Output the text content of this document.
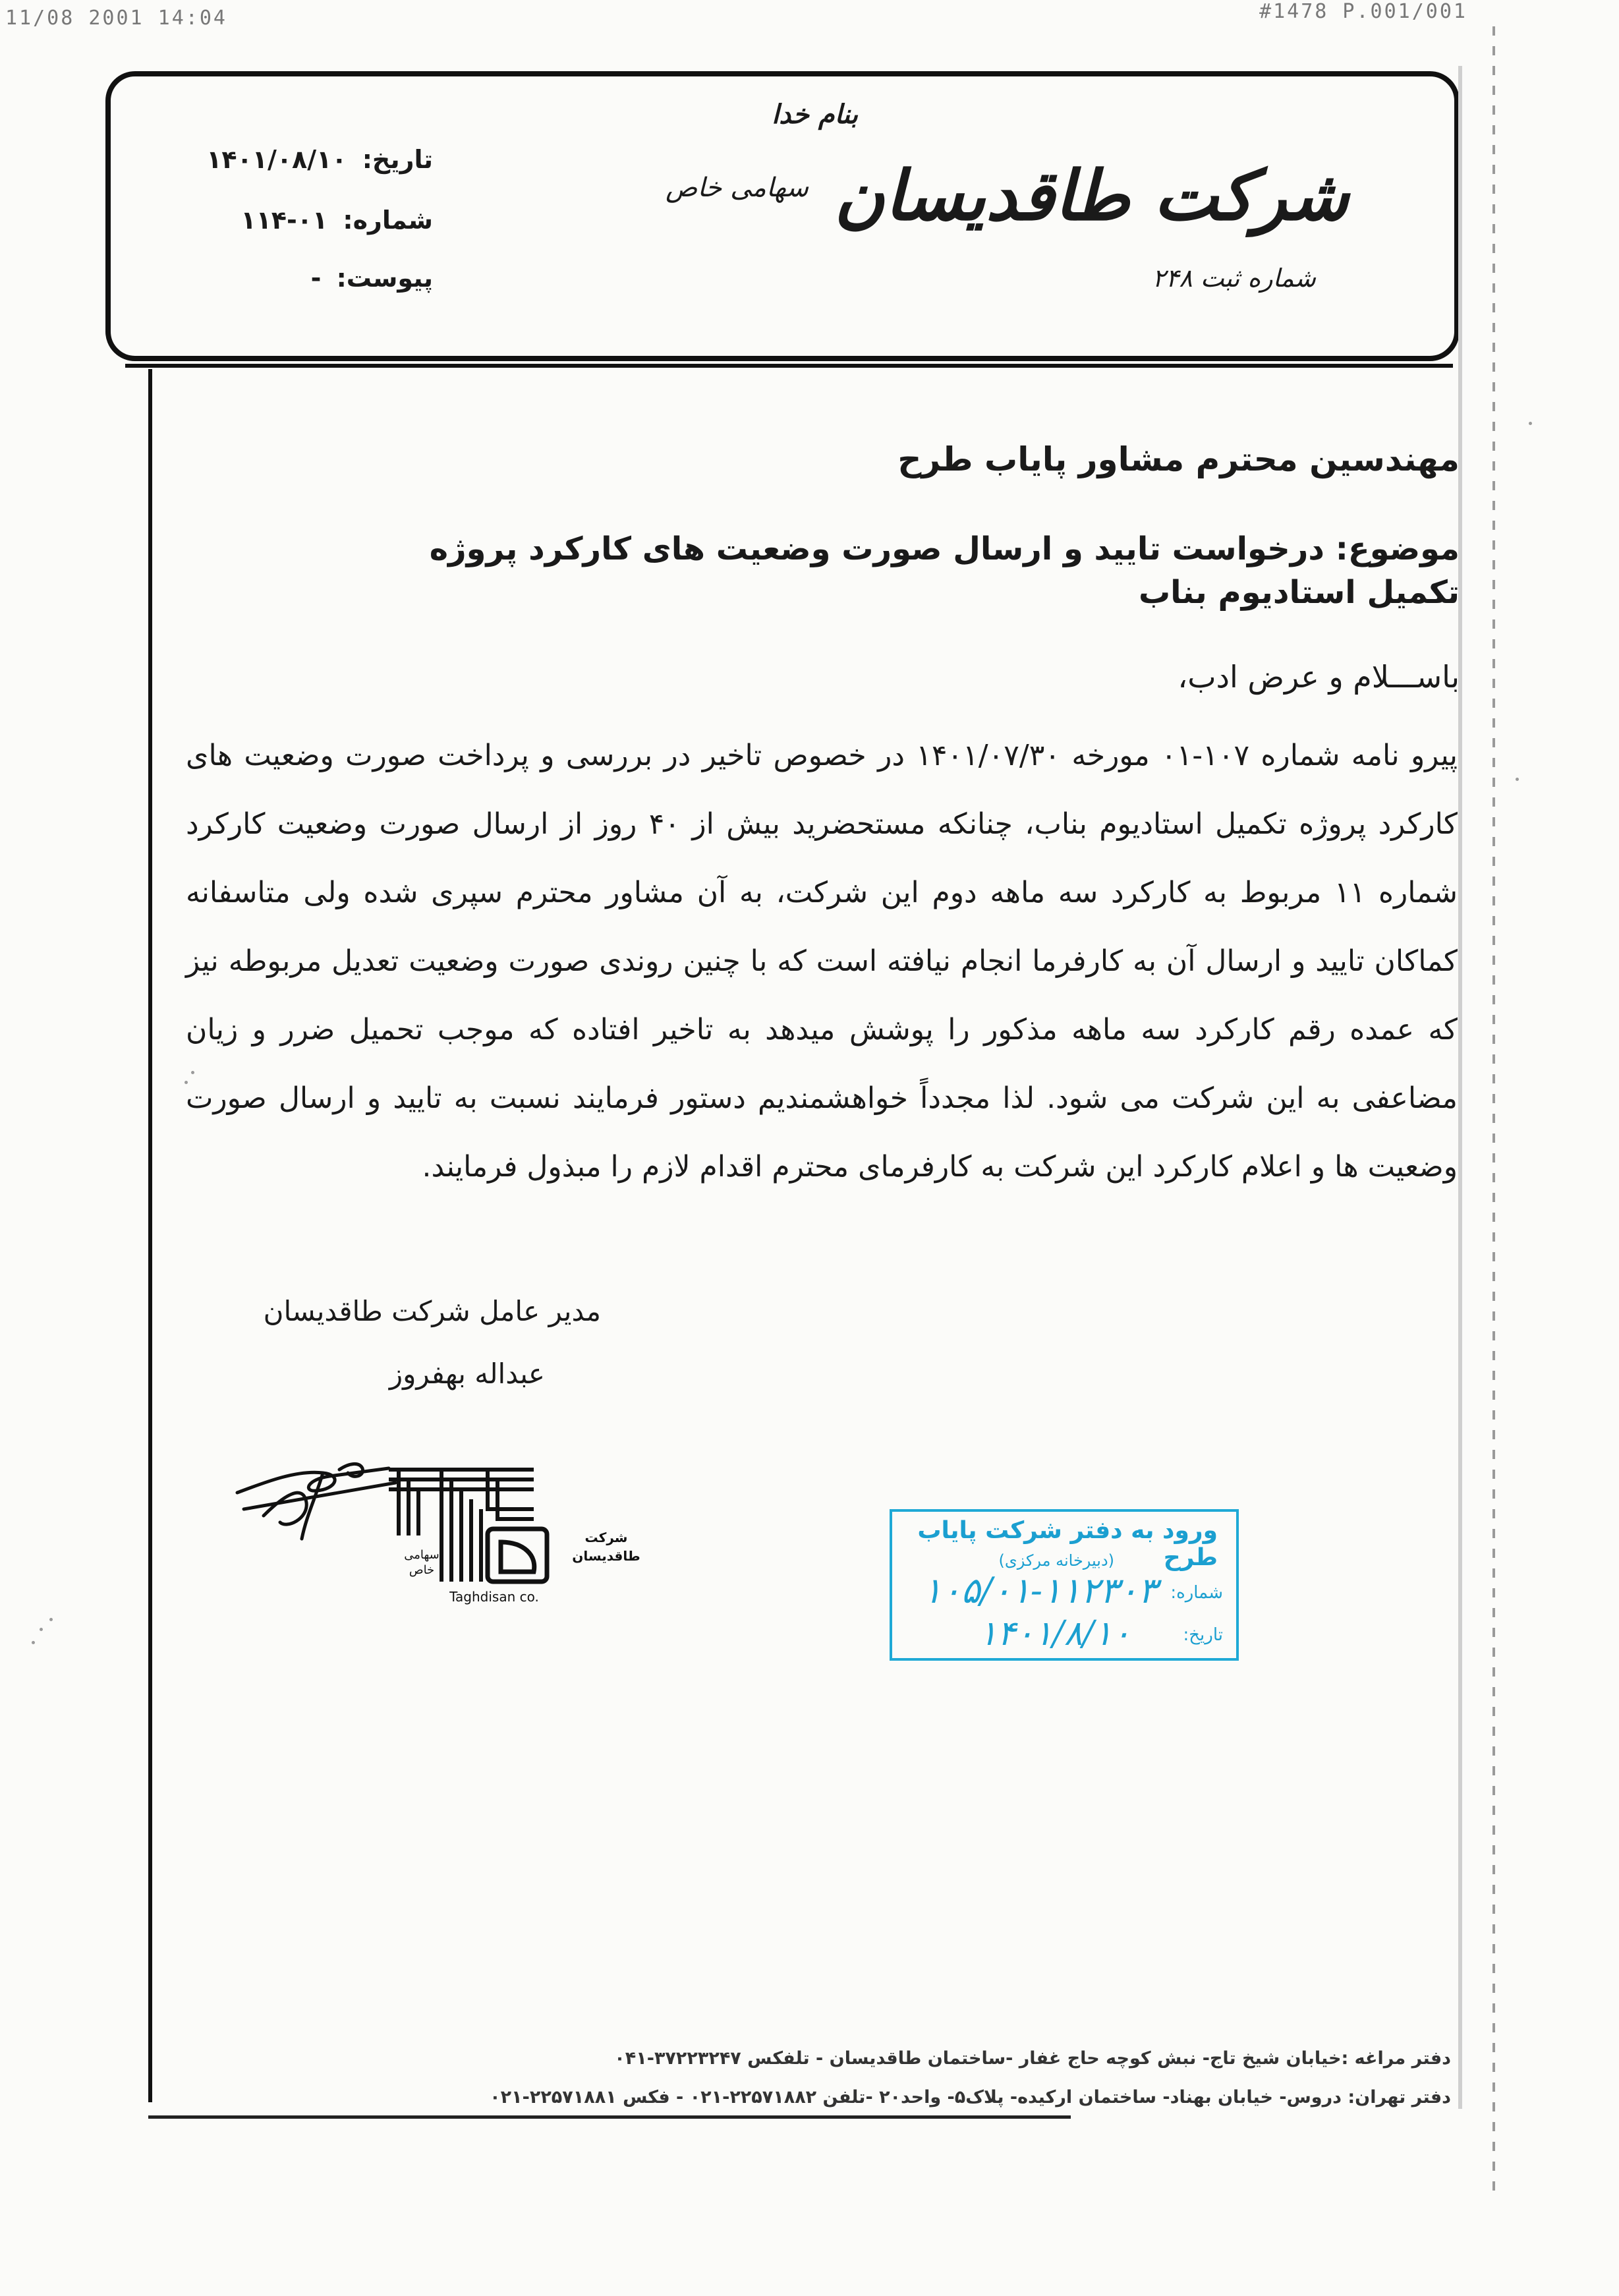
11/08 2001 14:04	#1478 P.001/001
بنام خدا
شرکت طاقدیسان
سهامی خاص
شماره ثبت ۲۴۸
تاریخ: ۱۴۰۱/۰۸/۱۰
شماره: ۰۱-۱۱۴
پیوست: -
مهندسین محترم مشاور پایاب طرح
موضوع: درخواست تایید و ارسال صورت وضعیت های کارکرد پروژه تکمیل استادیوم بناب
باســـلام و عرض ادب،
پیرو نامه شماره ۱۰۷-۰۱ مورخه ۱۴۰۱/۰۷/۳۰ در خصوص تاخیر در بررسی و پرداخت صورت وضعیت های کارکرد پروژه تکمیل استادیوم بناب، چنانکه مستحضرید بیش از ۴۰ روز از ارسال صورت وضعیت کارکرد شماره ۱۱ مربوط به کارکرد سه ماهه دوم این شرکت، به آن مشاور محترم سپری شده ولی متاسفانه کماکان تایید و ارسال آن به کارفرما انجام نیافته است که با چنین روندی صورت وضعیت تعدیل مربوطه نیز که عمده رقم کارکرد سه ماهه مذکور را پوشش میدهد به تاخیر افتاده که موجب تحمیل ضرر و زیان مضاعفی به این شرکت می شود. لذا مجدداً خواهشمندیم دستور فرمایند نسبت به تایید و ارسال صورت وضعیت ها و اعلام کارکرد این شرکت به کارفرمای محترم اقدام لازم را مبذول فرمایند.
مدیر عامل شرکت طاقدیسان
عبداله بهفروز
شرکت
طاقدیسان
سهامی
خاص
Taghdisan co.
ورود به دفتر شرکت پایاب طرح
(دبیرخانه مرکزی)
شماره:
۱۰۵/۰۱-۱۱۲۳۰۳
تاریخ:
۱۴۰۱/۸/۱۰
دفتر مراغه :خیابان شیخ تاج- نبش کوچه حاج غفار -ساختمان طاقدیسان - تلفکس ۳۷۲۲۳۲۴۷-۰۴۱
دفتر تهران: دروس- خیابان بهناد- ساختمان ارکیده- پلاک۵- واحد۲۰ -تلفن ۲۲۵۷۱۸۸۲-۰۲۱ - فکس ۲۲۵۷۱۸۸۱-۰۲۱
